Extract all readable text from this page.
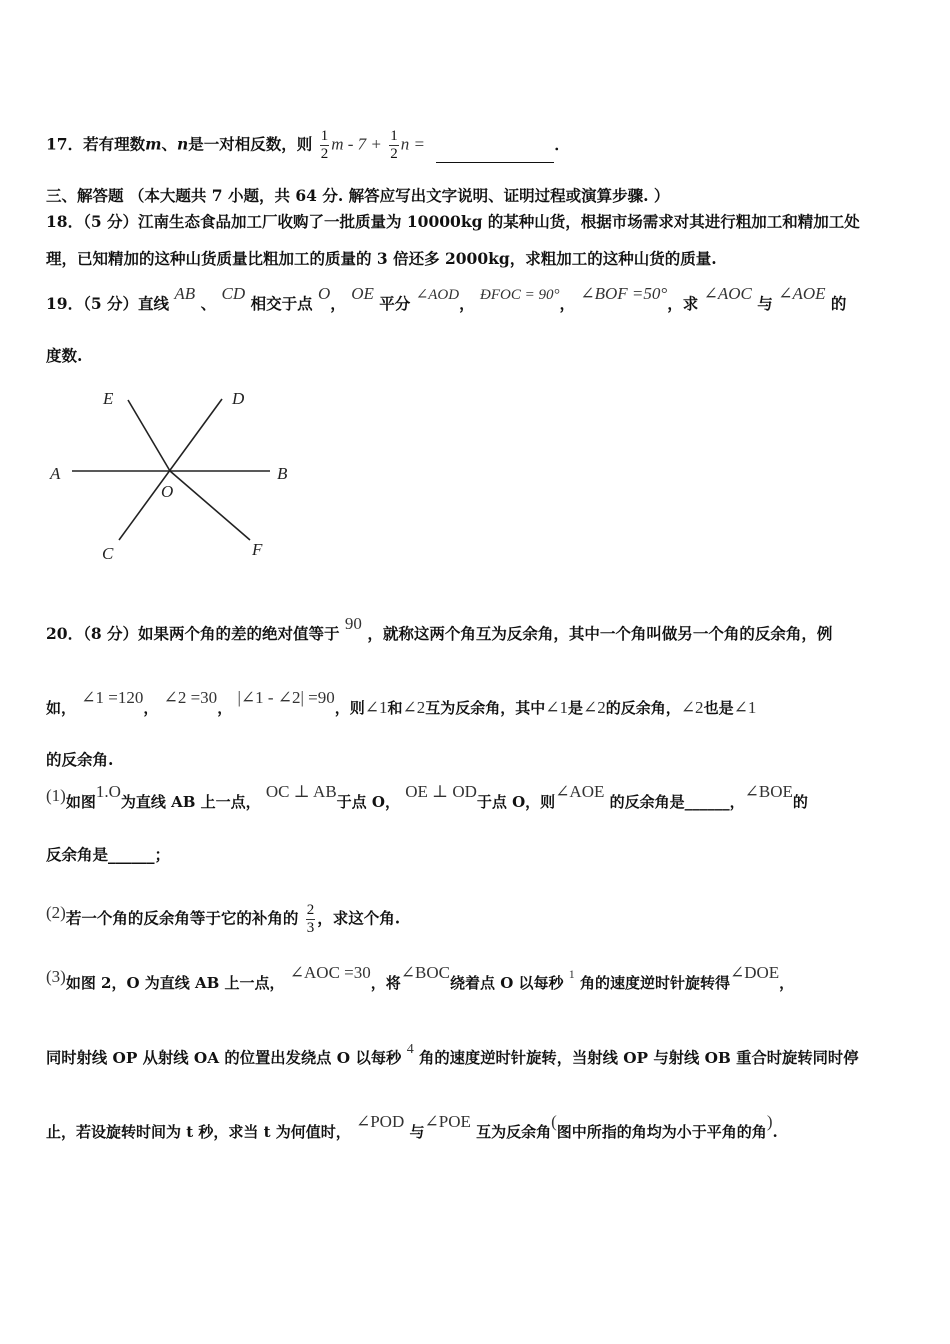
17．若有理数m、n是一对相反数，则 $\frac{1}{2}$ $m - 7 + \frac{1}{2}$ n =	．
三、解答题 （本大题共 7 小题，共 64 分. 解答应写出文字说明、证明过程或演算步骤. ）
18．（5 分）江南生态食品加工厂收购了一批质量为 10000kg 的某种山货，根据市场需求对其进行粗加工和精加工处
理，已知精加的这种山货质量比粗加工的质量的 3 倍还多 2000kg，求粗加工的这种山货的质量.
19．（5 分）直线 AB 、 CD 相交于点 O， OE 平分 ∠AOD， ÐFOC = 90°， ∠BOF =50°，求 ∠AOC 与 ∠AOE 的
度数.
E	D
A	B
O
C	F
20．（8 分）如果两个角的差的绝对值等于 90 ，就称这两个角互为反余角，其中一个角叫做另一个角的反余角，例
如， ∠1 =120， ∠2 =30， |∠1 - ∠2| =90，则∠1和∠2互为反余角，其中∠1是∠2的反余角，∠2也是∠1
的反余角.
(1)如图1.O为直线 AB 上一点， OC ⊥ AB于点 O， OE ⊥ OD于点 O，则∠AOE 的反余角是______，∠BOE的
反余角是______；
(2)若一个角的反余角等于它的补角的 $\frac{2}{3}$ ，求这个角.
(3)如图 2，O 为直线 AB 上一点， ∠AOC =30，将∠BOC绕着点 O 以每秒 $^1$ 角的速度逆时针旋转得∠DOE，
同时射线 OP 从射线 OA 的位置出发绕点 O 以每秒 4 角的速度逆时针旋转，当射线 OP 与射线 OB 重合时旋转同时停
止，若设旋转时间为 t 秒，求当 t 为何值时， ∠POD 与∠POE 互为反余角(图中所指的角均为小于平角的角).
